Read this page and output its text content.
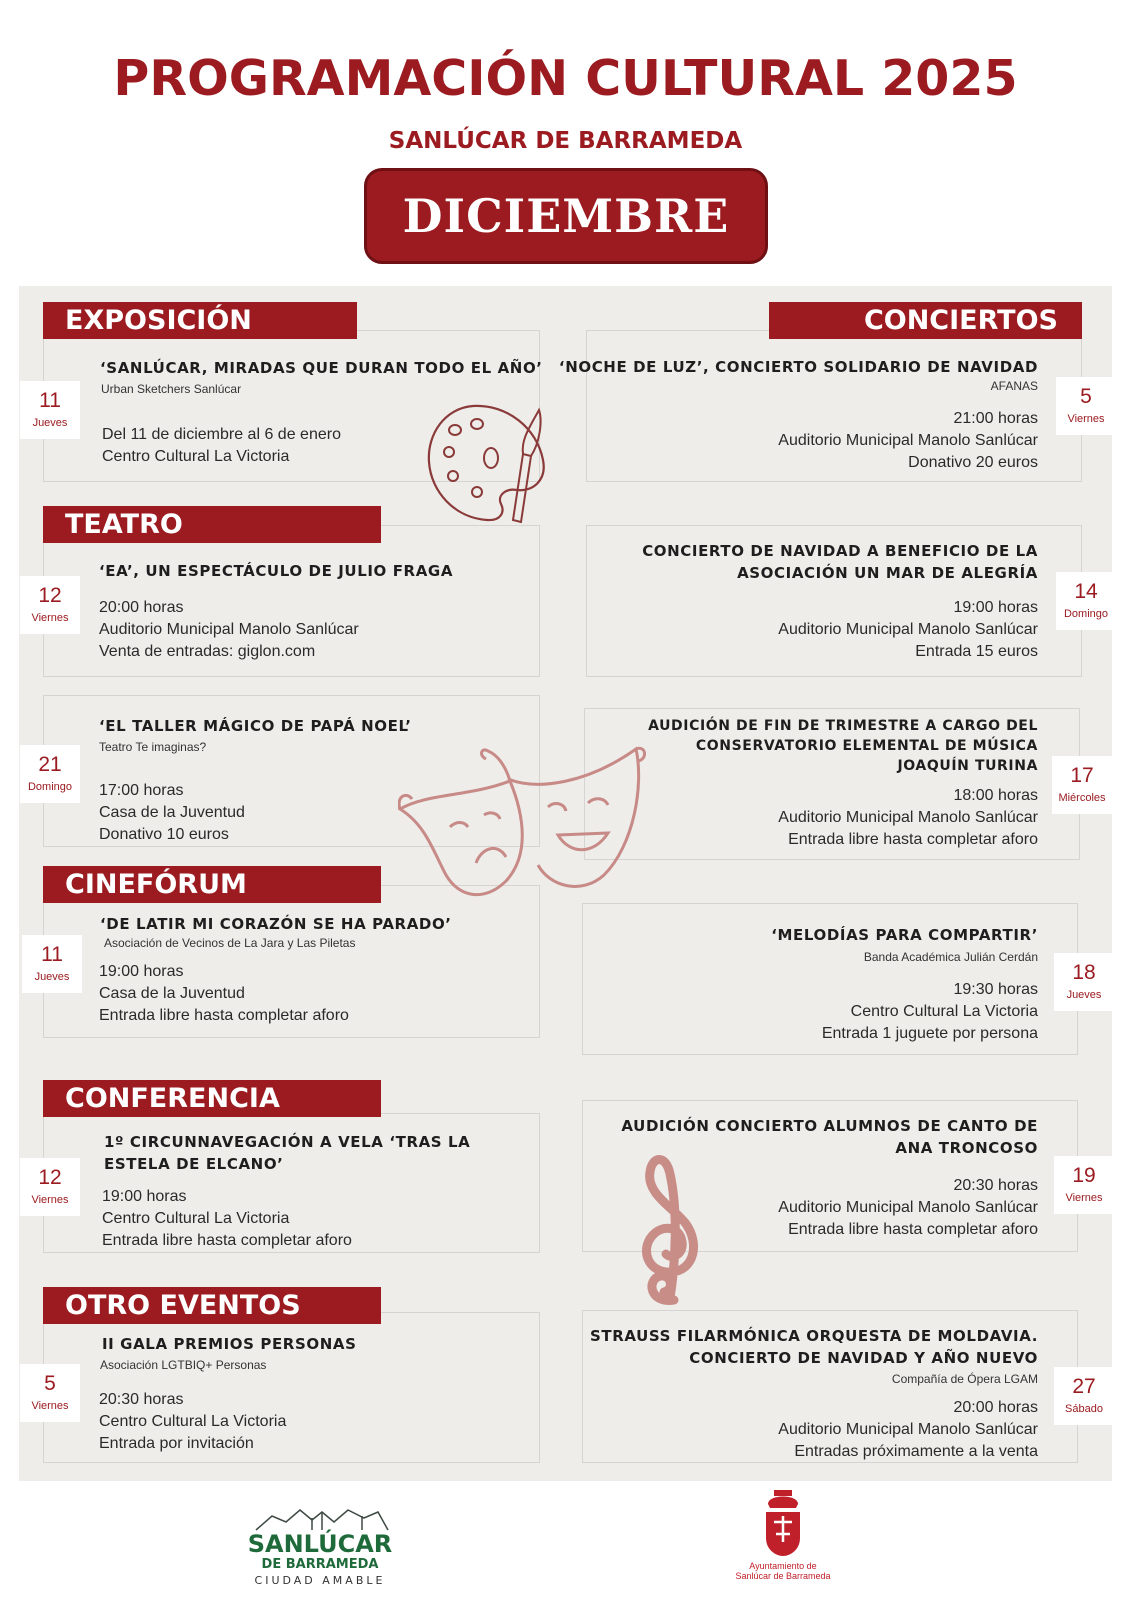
PROGRAMACIÓN CULTURAL 2025
SANLÚCAR DE BARRAMEDA
DICIEMBRE
EXPOSICIÓN
‘SANLÚCAR, MIRADAS QUE DURAN TODO EL AÑO’
Urban Sketchers Sanlúcar
Del 11 de diciembre al 6 de enero
Centro Cultural La Victoria
11
Jueves
TEATRO
‘EA’, UN ESPECTÁCULO DE JULIO FRAGA
20:00 horas
Auditorio Municipal Manolo Sanlúcar
Venta de entradas: giglon.com
12
Viernes
‘EL TALLER MÁGICO DE PAPÁ NOEL’
Teatro Te imaginas?
17:00 horas
Casa de la Juventud
Donativo 10 euros
21
Domingo
CINEFÓRUM
‘DE LATIR MI CORAZÓN SE HA PARADO’
Asociación de Vecinos de La Jara y Las Piletas
19:00 horas
Casa de la Juventud
Entrada libre hasta completar aforo
11
Jueves
CONFERENCIA
1º CIRCUNNAVEGACIÓN A VELA ‘TRAS LA
ESTELA DE ELCANO’
19:00 horas
Centro Cultural La Victoria
Entrada libre hasta completar aforo
12
Viernes
OTRO EVENTOS
II GALA PREMIOS PERSONAS
Asociación LGTBIQ+ Personas
20:30 horas
Centro Cultural La Victoria
Entrada por invitación
5
Viernes
CONCIERTOS
‘NOCHE DE LUZ’, CONCIERTO SOLIDARIO DE NAVIDAD
AFANAS
21:00 horas
Auditorio Municipal Manolo Sanlúcar
Donativo 20 euros
5
Viernes
CONCIERTO DE NAVIDAD A BENEFICIO DE LA
ASOCIACIÓN UN MAR DE ALEGRÍA
19:00 horas
Auditorio Municipal Manolo Sanlúcar
Entrada 15 euros
14
Domingo
AUDICIÓN DE FIN DE TRIMESTRE A CARGO DEL
CONSERVATORIO ELEMENTAL DE MÚSICA
JOAQUÍN TURINA
18:00 horas
Auditorio Municipal Manolo Sanlúcar
Entrada libre hasta completar aforo
17
Miércoles
‘MELODÍAS PARA COMPARTIR’
Banda Académica Julián Cerdán
19:30 horas
Centro Cultural La Victoria
Entrada 1 juguete por persona
18
Jueves
AUDICIÓN CONCIERTO ALUMNOS DE CANTO DE
ANA TRONCOSO
20:30 horas
Auditorio Municipal Manolo Sanlúcar
Entrada libre hasta completar aforo
19
Viernes
STRAUSS FILARMÓNICA ORQUESTA DE MOLDAVIA.
CONCIERTO DE NAVIDAD Y AÑO NUEVO
Compañía de Ópera LGAM
20:00 horas
Auditorio Municipal Manolo Sanlúcar
Entradas próximamente a la venta
27
Sábado
SANLÚCAR
DE BARRAMEDA
CIUDAD AMABLE
Ayuntamiento de
Sanlúcar de Barrameda
